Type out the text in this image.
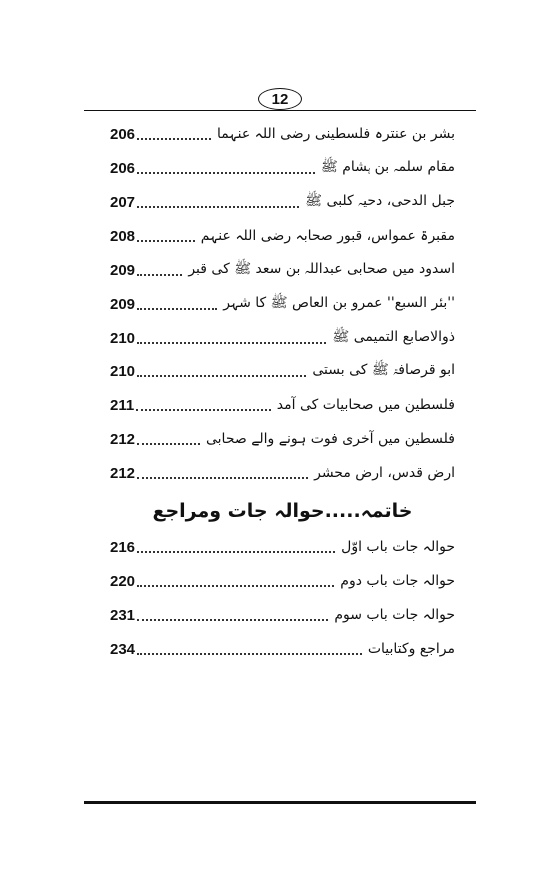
12
206	بشر بن عنترہ فلسطینی رضی اللہ عنہما
206	مقام سلمہ بن ہشام ﷺ
207	جبل الدحی، دحیہ کلبی ﷺ
208	مقبرۃ عمواس، قبور صحابہ رضی اللہ عنہم
209	اسدود میں صحابی عبداللہ بن سعد ﷺ کی قبر
209	''بئر السبع'' عمرو بن العاص ﷺ کا شہر
210	ذوالاصابع التمیمی ﷺ
210	ابو قرصافۃ ﷺ کی بستی
211	فلسطین میں صحابیات کی آمد
212	فلسطین میں آخری فوت ہونے والے صحابی
212	ارض قدس، ارض محشر
خاتمہ.....حوالہ جات ومراجع
216	حوالہ جات باب اوّل
220	حوالہ جات باب دوم
231	حوالہ جات باب سوم
234	مراجع وکتابیات
